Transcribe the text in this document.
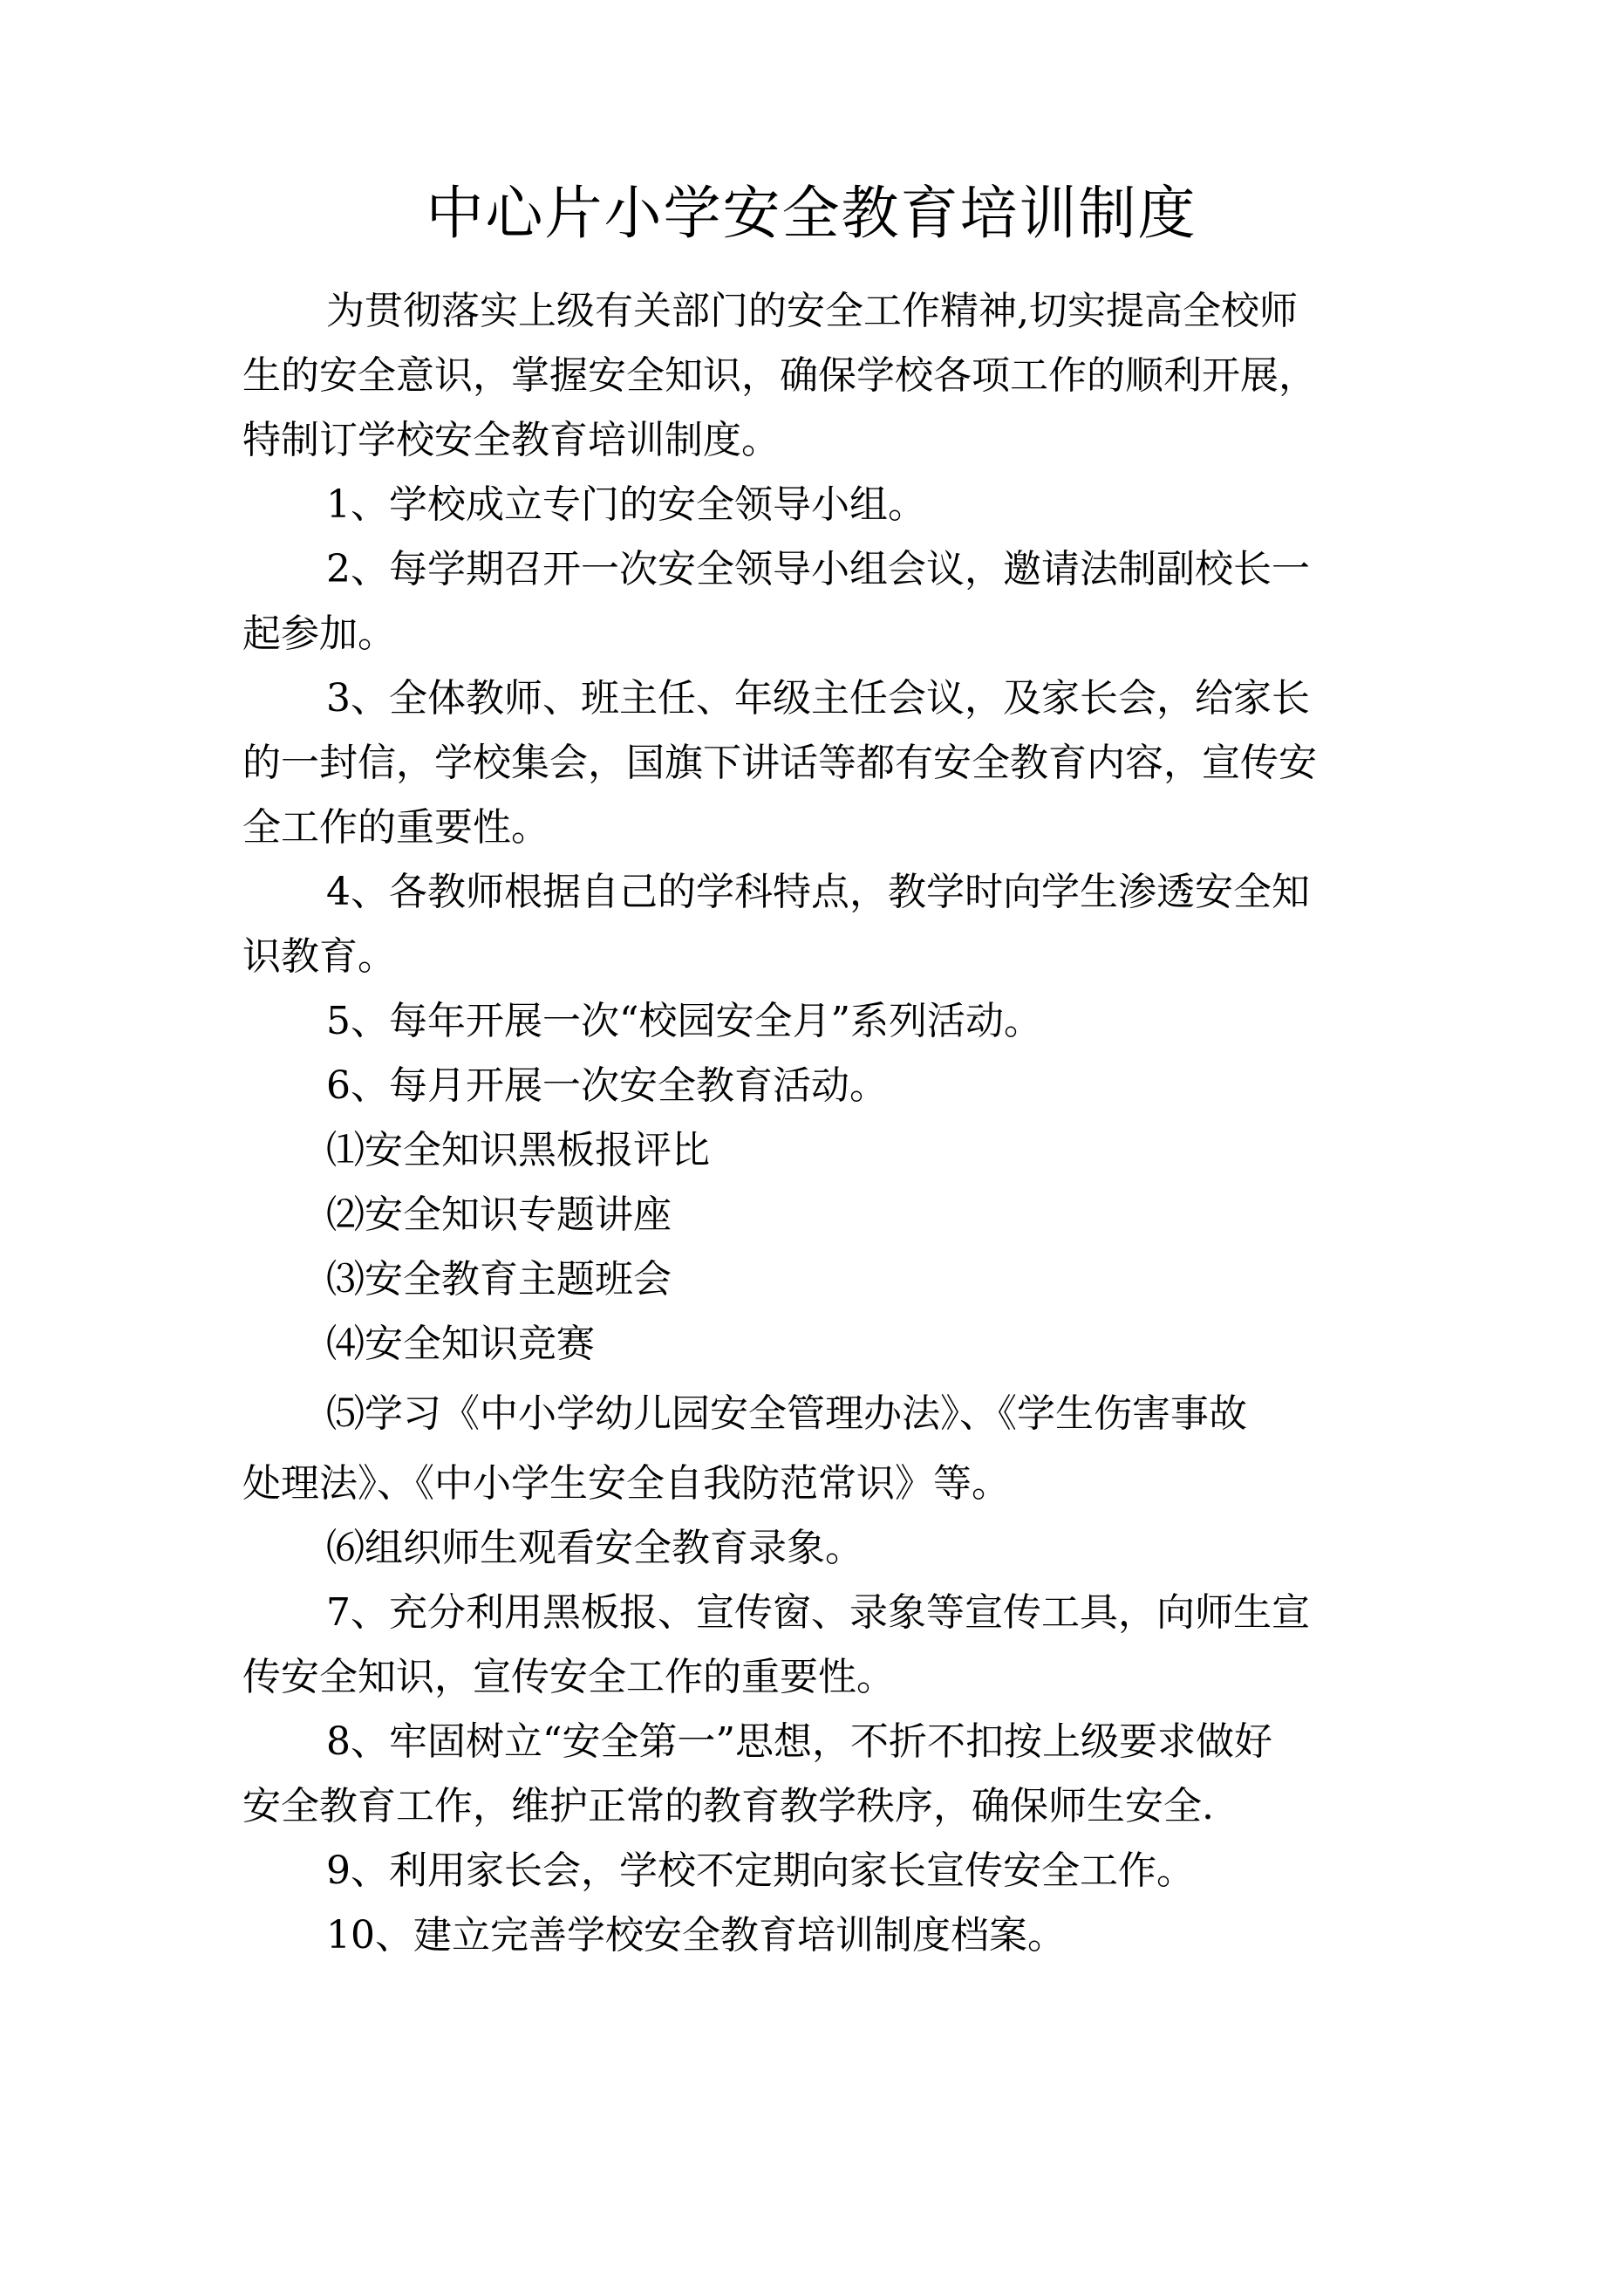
中心片小学安全教育培训制度

为贯彻落实上级有关部门的安全工作精神,切实提高全校师

生的安全意识，掌握安全知识，确保学校各项工作的顺利开展，

特制订学校安全教育培训制度。

1、学校成立专门的安全领导小组。

2、每学期召开一次安全领导小组会议，邀请法制副校长一

起参加。

3、全体教师、班主任、年级主任会议，及家长会，给家长

的一封信，学校集会，国旗下讲话等都有安全教育内容，宣传安

全工作的重要性。

4、各教师根据自己的学科特点，教学时向学生渗透安全知

识教育。

5、每年开展一次“校园安全月”系列活动。

6、每月开展一次安全教育活动。

⑴安全知识黑板报评比

⑵安全知识专题讲座

⑶安全教育主题班会

⑷安全知识竞赛

⑸学习《中小学幼儿园安全管理办法》、《学生伤害事故

处理法》、《中小学生安全自我防范常识》等。

⑹组织师生观看安全教育录象。

7、充分利用黑板报、宣传窗、录象等宣传工具，向师生宣

传安全知识，宣传安全工作的重要性。

8、牢固树立“安全第一”思想，不折不扣按上级要求做好

安全教育工作，维护正常的教育教学秩序，确保师生安全.

9、利用家长会，学校不定期向家长宣传安全工作。

10、建立完善学校安全教育培训制度档案。
